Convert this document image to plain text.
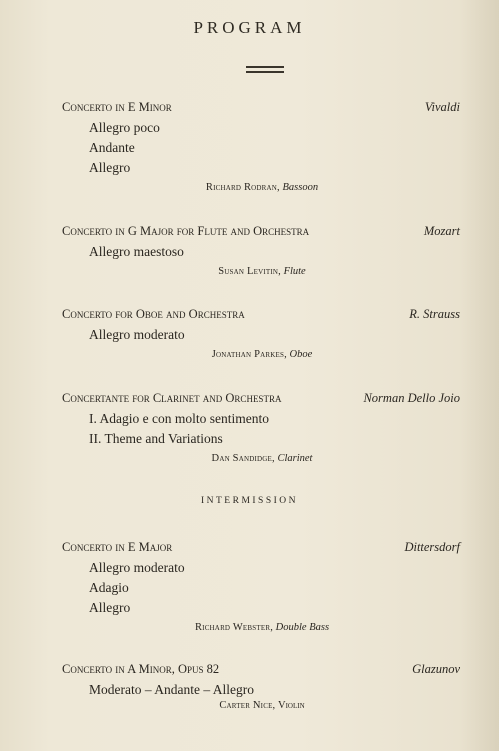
PROGRAM
Concerto in E Minor	Vivaldi
Allegro poco
Andante
Allegro
Richard Rodran, Bassoon
Concerto in G Major for Flute and Orchestra	Mozart
Allegro maestoso
Susan Levitin, Flute
Concerto for Oboe and Orchestra	R. Strauss
Allegro moderato
Jonathan Parkes, Oboe
Concertante for Clarinet and Orchestra	Norman Dello Joio
I. Adagio e con molto sentimento
II. Theme and Variations
Dan Sandidge, Clarinet
INTERMISSION
Concerto in E Major	Dittersdorf
Allegro moderato
Adagio
Allegro
Richard Webster, Double Bass
Concerto in A Minor, Opus 82	Glazunov
Moderato – Andante – Allegro
Carter Nice, Violin
